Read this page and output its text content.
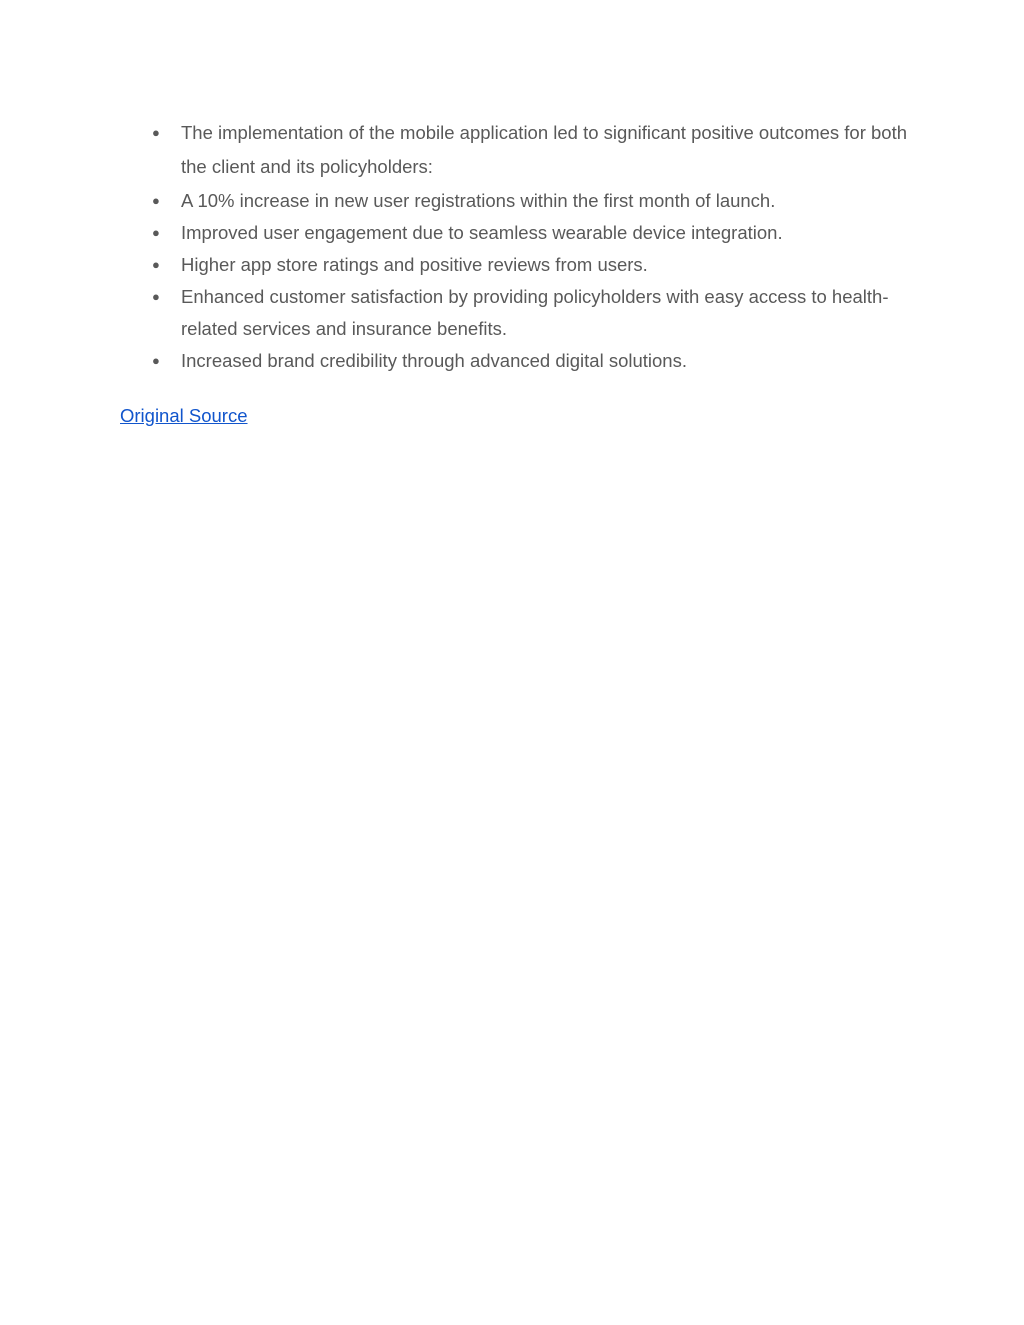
● The implementation of the mobile application led to significant positive outcomes for both the client and its policyholders:
● A 10% increase in new user registrations within the first month of launch.
● Improved user engagement due to seamless wearable device integration.
● Higher app store ratings and positive reviews from users.
● Enhanced customer satisfaction by providing policyholders with easy access to health-related services and insurance benefits.
● Increased brand credibility through advanced digital solutions.
Original Source
